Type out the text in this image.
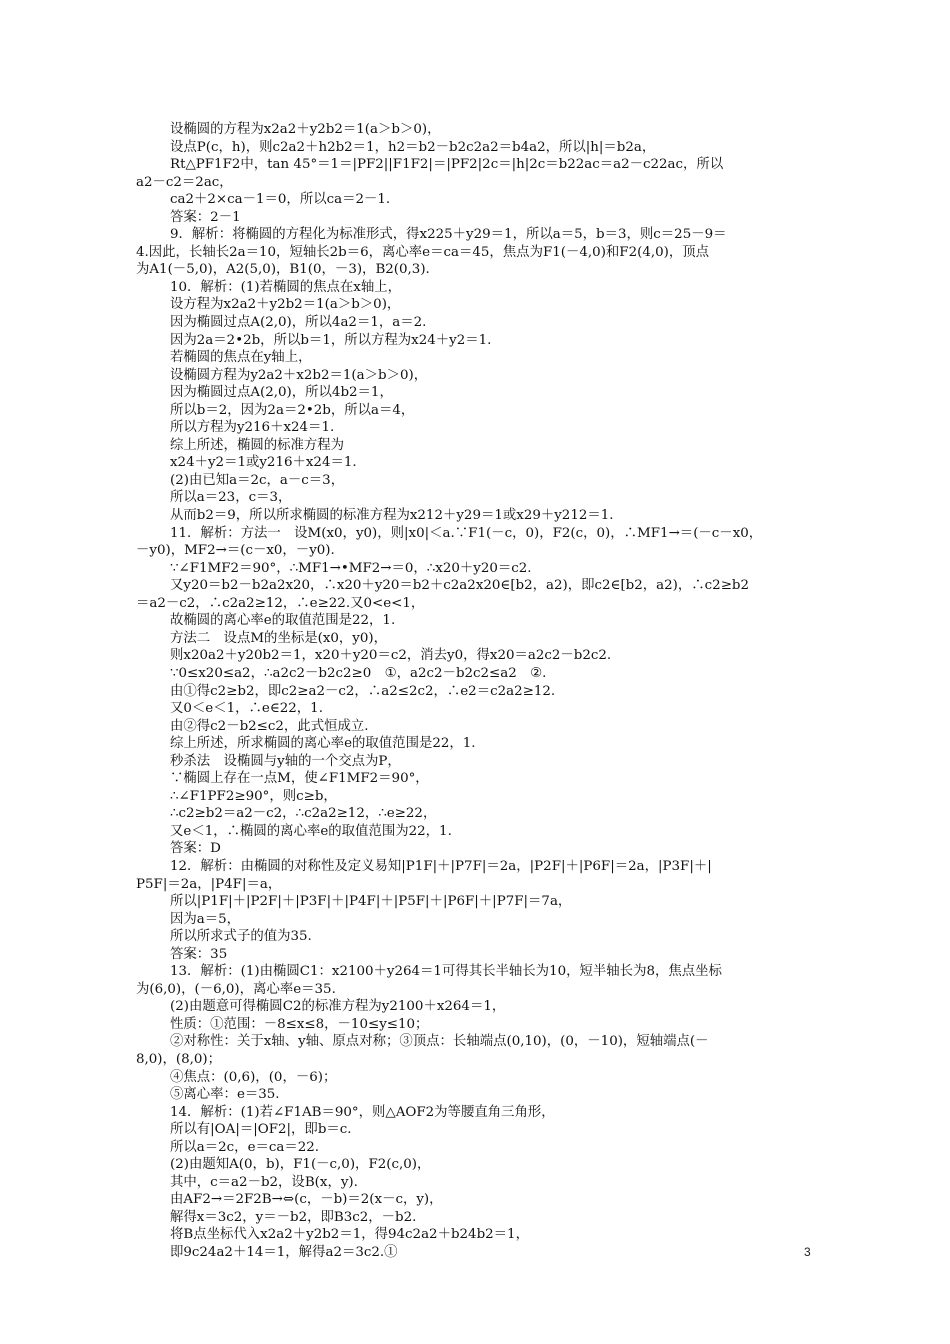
设椭圆的方程为x2a2＋y2b2＝1(a＞b＞0)，
设点P(c，h)，则c2a2＋h2b2＝1，h2＝b2－b2c2a2＝b4a2，所以|h|＝b2a，
Rt△PF1F2中，tan 45°＝1＝|PF2||F1F2|＝|PF2|2c＝|h|2c＝b22ac＝a2－c22ac，所以
a2－c2＝2ac，
ca2＋2×ca－1＝0，所以ca＝2－1.
答案：2－1
9．解析：将椭圆的方程化为标准形式，得x225＋y29＝1，所以a＝5，b＝3，则c＝25－9＝
4.因此，长轴长2a＝10，短轴长2b＝6，离心率e＝ca＝45，焦点为F1(－4,0)和F2(4,0)，顶点
为A1(－5,0)，A2(5,0)，B1(0，－3)，B2(0,3).
10．解析：(1)若椭圆的焦点在x轴上，
设方程为x2a2＋y2b2＝1(a＞b＞0)，
因为椭圆过点A(2,0)，所以4a2＝1，a＝2.
因为2a＝2•2b，所以b＝1，所以方程为x24＋y2＝1.
若椭圆的焦点在y轴上，
设椭圆方程为y2a2＋x2b2＝1(a＞b＞0)，
因为椭圆过点A(2,0)，所以4b2＝1，
所以b＝2，因为2a＝2•2b，所以a＝4，
所以方程为y216＋x24＝1.
综上所述，椭圆的标准方程为
x24＋y2＝1或y216＋x24＝1.
(2)由已知a＝2c，a－c＝3，
所以a＝23，c＝3，
从而b2＝9，所以所求椭圆的标准方程为x212＋y29＝1或x29＋y212＝1.
11．解析：方法一　设M(x0，y0)，则|x0|＜a.∵F1(－c，0)，F2(c，0)，∴MF1→＝(－c－x0，
－y0)，MF2→＝(c－x0，－y0).
∵∠F1MF2＝90°，∴MF1→•MF2→＝0，∴x20＋y20＝c2.
又y20＝b2－b2a2x20，∴x20＋y20＝b2＋c2a2x20∈[b2，a2)，即c2∈[b2，a2)，∴c2≥b2
＝a2－c2，∴c2a2≥12，∴e≥22.又0<e<1，
故椭圆的离心率e的取值范围是22，1.
方法二　设点M的坐标是(x0，y0)，
则x20a2＋y20b2＝1，x20＋y20＝c2，消去y0，得x20＝a2c2－b2c2.
∵0≤x20≤a2，∴a2c2－b2c2≥0　①，a2c2－b2c2≤a2　②.
由①得c2≥b2，即c2≥a2－c2，∴a2≤2c2，∴e2＝c2a2≥12.
又0＜e＜1，∴e∈22，1.
由②得c2－b2≤c2，此式恒成立.
综上所述，所求椭圆的离心率e的取值范围是22，1.
秒杀法　设椭圆与y轴的一个交点为P，
∵椭圆上存在一点M，使∠F1MF2＝90°，
∴∠F1PF2≥90°，则c≥b，
∴c2≥b2＝a2－c2，∴c2a2≥12，∴e≥22，
又e＜1，∴椭圆的离心率e的取值范围为22，1.
答案：D
12．解析：由椭圆的对称性及定义易知|P1F|＋|P7F|＝2a，|P2F|＋|P6F|＝2a，|P3F|＋|
P5F|＝2a，|P4F|＝a，
所以|P1F|＋|P2F|＋|P3F|＋|P4F|＋|P5F|＋|P6F|＋|P7F|＝7a，
因为a＝5，
所以所求式子的值为35.
答案：35
13．解析：(1)由椭圆C1：x2100＋y264＝1可得其长半轴长为10，短半轴长为8，焦点坐标
为(6,0)，(－6,0)，离心率e＝35.
(2)由题意可得椭圆C2的标准方程为y2100＋x264＝1，
性质：①范围：－8≤x≤8，－10≤y≤10；
②对称性：关于x轴、y轴、原点对称；③顶点：长轴端点(0,10)，(0，－10)，短轴端点(－
8,0)，(8,0)；
④焦点：(0,6)，(0，－6)；
⑤离心率：e＝35.
14．解析：(1)若∠F1AB＝90°，则△AOF2为等腰直角三角形，
所以有|OA|＝|OF2|，即b＝c.
所以a＝2c，e＝ca＝22.
(2)由题知A(0，b)，F1(－c,0)，F2(c,0)，
其中，c＝a2－b2，设B(x，y).
由AF2→＝2F2B→⇔(c，－b)＝2(x－c，y)，
解得x＝3c2，y＝－b2，即B3c2，－b2.
将B点坐标代入x2a2＋y2b2＝1，得94c2a2＋b24b2＝1，
即9c24a2＋14＝1，解得a2＝3c2.①	3
